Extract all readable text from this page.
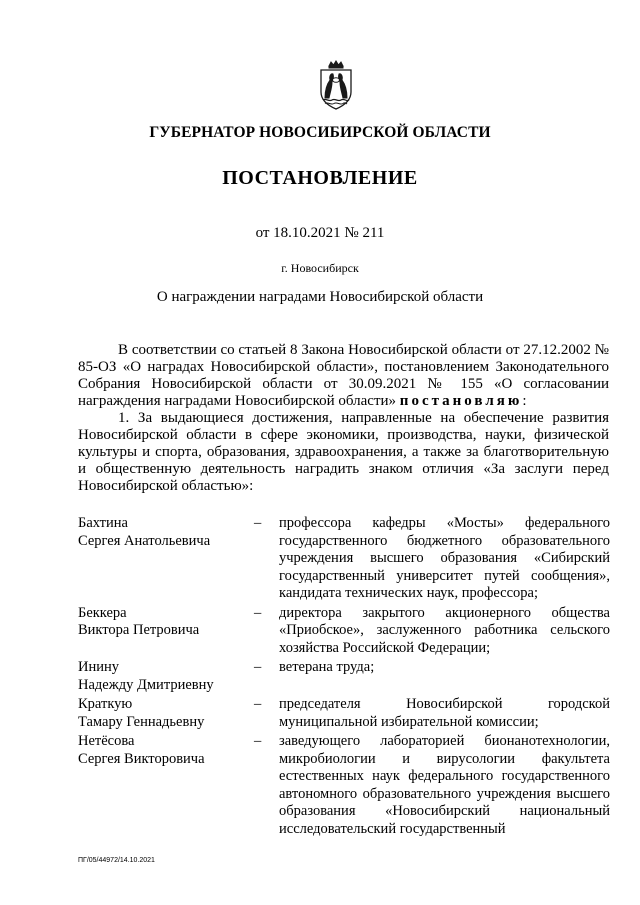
ГУБЕРНАТОР НОВОСИБИРСКОЙ ОБЛАСТИ
ПОСТАНОВЛЕНИЕ
от 18.10.2021 № 211
г. Новосибирск
О награждении наградами Новосибирской области

В соответствии со статьей 8 Закона Новосибирской области от 27.12.2002 № 85-ОЗ «О наградах Новосибирской области», постановлением Законодательного Собрания Новосибирской области от 30.09.2021 № 155 «О согласовании награждения наградами Новосибирской области» постановляю:

1. За выдающиеся достижения, направленные на обеспечение развития Новосибирской области в сфере экономики, производства, науки, физической культуры и спорта, образования, здравоохранения, а также за благотворительную и общественную деятельность наградить знаком отличия «За заслуги перед Новосибирской областью»:

Бахтина
Сергея Анатольевича
–	профессора кафедры «Мосты» федерального государственного бюджетного образовательного учреждения высшего образования «Сибирский государственный университет путей сообщения», кандидата технических наук, профессора;
Беккера
Виктора Петровича
–	директора закрытого акционерного общества «Приобское», заслуженного работника сельского хозяйства Российской Федерации;
Инину
Надежду Дмитриевну
–	ветерана труда;
Краткую
Тамару Геннадьевну
–	председателя Новосибирской городской муниципальной избирательной комиссии;
Нетёсова
Сергея Викторовича
–	заведующего лабораторией бионанотехнологии, микробиологии и вирусологии факультета естественных наук федерального государственного автономного образовательного учреждения высшего образования «Новосибирский национальный исследовательский государственный
ПГ/05/44972/14.10.2021
